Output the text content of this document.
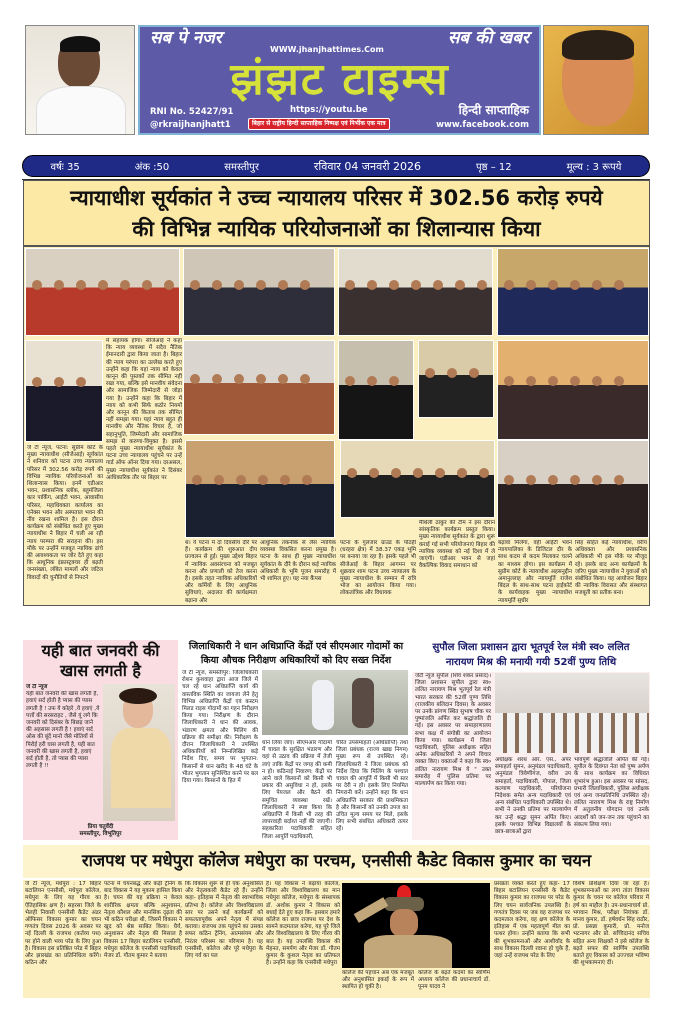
सब पे नजर	सब की खबर
WWW.jhanjhattimes.Com
झंझट टाइम्स
RNI No. 52427/91
@rkraijhanjhatt1
https://youtu.be
बिहार से राष्ट्रीय हिन्दी साप्ताहिक निष्पक्ष एवं निर्भीक एक मात्र
हिन्दी साप्ताहिक
www.facebook.com
वर्षः 35	अंक :50	समस्तीपुर	रविवार 04 जनवरी 2026	पृष्ठ – 12	मूल्य : 3 रूपये
न्यायाधीश सूर्यकांत ने उच्च न्यायालय परिसर में 302.56 करोड़ रुपये
की विभिन्न न्यायिक परियोजनाओं का शिलान्यास किया
जे टी न्यूज, पटना: सुप्रीम कोर्ट के मुख्य न्यायाधीश (सीजेआई) सूर्यकांत ने शनिवार को पटना उच्च न्यायालय परिसर में 302.56 करोड़ रुपये की विभिन्न न्यायिक परियोजनाओं का शिलान्यास किया। इनमें एडीआर भवन, प्रशासनिक ब्लॉक, बहुमंजिला कार पार्किंग, आईटी भवन, आवासीय परिसर, महाधिवक्ता कार्यालय का एनेक्स भवन और अस्पताल भवन की नींव रखना शामिल है। इस दौरान कार्यक्रम को संबोधित करते हुए मुख्य न्यायाधीश ने बिहार में चली आ रही न्याय परम्परा की सराहना की। इस मौके पर उन्होंने मजबूत न्यायिक ढांचे की आवश्यकता पर जोर देते हुए कहा कि आधुनिक इंफ्रास्ट्रक्चर ही बढ़ती जनसंख्या, लंबित मामलों और जटिल विवादों की चुनौतियों से निपटने
में सहायक होगा। सीजेआई ने कहा कि न्याय व्यवस्था में सदैव नैतिक ईमानदारी द्वारा किया जाता है। बिहार की न्याय परंपरा का उल्लेख करते हुए उन्होंने कहा कि यहां न्याय को केवल कानून की पुस्तकों तक सीमित नहीं रखा गया, बल्कि इसे मानवीय संवेदना और सामाजिक जिम्मेदारी से जोड़ा गया है। उन्होंने कहा कि बिहार में न्याय को कभी सिर्फ कठोर नियमों और कानून की किताब तक सीमित नहीं समझा गया। यहां न्याय बहुत ही मानवीय और नैतिक विचार है, जो सहानुभूति, जिम्मेदारी और सामाजिक समझ से करुणा-विमुक्त है। इससे पहले मुख्य न्यायाधीश सूर्यकांत के पटना उच्च न्यायालय पहुंचने पर उन्हें गार्ड ऑफ ऑनर दिया गया। दरअसल, मुख्य न्यायाधीश सूर्यकांत ने दिसंबर आधिकारिक तौर पर बिहार पर
थे। ये पटना में दो दिवसीय दौरे पर हैं। कार्यक्रम की शुरुआत दीप प्रज्वलन से हुई। मुख्य उद्देश्य बिहार में न्यायिक अवसंरचना को मजबूत करना और प्रणाली को तेज करना है। इसके तहत न्यायिक अधिकारियों और कर्मियों के लिए आधुनिक सुविधाएं, अदालत की कार्यक्षमता बढ़ाना और
आधुनिक तकनीक से लैस न्यायिक व्यवस्था विकसित करना प्रमुख है। पटना के साथ ही मुख्य न्यायाधीश सूर्यकांत के दौरे के दौरान कई न्यायिक अधिकारी के भूमि पूजन समारोह में भी शामिल हुए। यह नया कैंपस
पटना के गुलजार ग्राउंड के पोठही (धरहरा क्षेत्र) में 38.37 एकड़ भूमि पर बनाया जा रहा है। इसके पहले भी सीजेआई के बिहार आगमन पर शुक्रवार शाम पटना उच्च न्यायालय के मुख्य न्यायाधीश के सम्मान में रात्रि भोज का आयोजन किया गया। लोकतांत्रिक और विधायक
मैथिली ठाकुर की टीम ने इस दौरान सांस्कृतिक कार्यक्रम प्रस्तुत किया। मुख्य न्यायाधीश सूर्यकांत के द्वारा शुरू कराई गई सभी परियोजनाएं बिहार की न्यायिक व्यवस्था को नई दिशा में ले जाएंगी। एडीआर भवन से जहां वैकल्पिक विवाद समाधान को
बढ़ावा मिलेगा, वहीं आईटी भवन न्यायपालिका के डिजिटल दौर के साथ कदम से कदम मिलाकर चलने का माध्यम होगा। इस कार्यक्रम में सुप्रीम कोर्ट के न्यायाधीश अहसनुद्दीन अमानुल्लाह और न्यायमूर्ति राजेश बिंदल के साथ-साथ पटना हाईकोर्ट के कार्यवाहक मुख्य न्यायाधीश न्यायमूर्ति सुधीर
सिंह सहित कई न्यायाधीश, वरीय अधिवक्ता और प्रशासनिक अधिकारी भी इस मौके पर मौजूद रहे। इसके बाद अन्य कार्यक्रमों के जरिए मुख्य न्यायाधीश ने युवाओं को संबोधित किया। यह आयोजन बिहार की न्यायिक विरासत और संस्थागत मजबूती का प्रतीक बना।
यही बात जनवरी की खास लगती है
जे टी न्यूज
यही बात जनवरी की खास लगती है, हवाएं सर्द होती है प्यास की प्यास लगती है ! उफ ये कोहरे ,ये हवाएं ,ये पत्तों की सरसराहट , जैसे यूं लगे कि जनवरी को दिसंबर के बिछड़ जाने की अहसास लगती है ! हवाएं सर्द ओस की बूंदें मानो जैसे मोतियों से पिरोई हरी घास लगती है, यही बात जनवरी की खास लगती है, हवाएं सर्द होती है, तो प्यास की प्यास लगती है !!
प्रिया चतुर्वेदी
समस्तीपुर, विभूतिपुर
जिलाधिकारी ने धान अधिप्राप्ति केंद्रों एवं सीएमआर गोदामों का
किया औचक निरीक्षण अधिकारियों को दिए सख्त निर्देश
जे टी न्यूज, समस्तीपुर: जिलाधिकारी रोशन कुशवाहा द्वारा आज जिले में चल रहे धान अधिप्राप्ति कार्य की वास्तविक स्थिति का जायजा लेने हेतु विभिन्न अधिप्राप्ति केंद्रों एवं कस्टम मिलड राइस गोदामों का गहन निरीक्षण किया गया। निरीक्षण के दौरान जिलाधिकारी ने धान की आवक, भंडारण क्षमता और मिलिंग की प्रक्रिया की समीक्षा की। निरीक्षण के दौरान जिलाधिकारी ने उपस्थित अधिकारियों को निम्नलिखित कड़े निर्देश दिए, समय पर भुगतान: किसानों से धान खरीद के 48 घंटे के भीतर भुगतान सुनिश्चित करने पर बल दिया गया। किसानों के हित में
धान लिया जाए। सीएमआर गोदामों में चावल के सुरक्षित भंडारण और वहां से उठाव की प्रक्रिया में तेजी लाएं ताकि केंद्रों पर जगह की कमी न हो। कठिनाई निवारण: केंद्रों पर आने वाले किसानों को किसी भी प्रकार की असुविधा न हो, इसके लिए पेयजल और बैठने की समुचित व्यवस्था रखें। जिलाधिकारी ने स्पष्ट किया कि अधिप्राप्ति में किसी भी तरह की लापरवाही बर्दाश्त नहीं की जाएगी। सहकारिता पदाधिकारी सहित जिला आपूर्ति पदाधिकारी,
चरित उपसमाहर्ता (अधिप्राप्ति) तथा जिला प्रबंधक (राज्य खाद्य निगम) मुख्य रूप से उपस्थित रहे। जिलाधिकारी ने जिला प्रबंधक को निर्देश दिया कि मिलिंग के पश्चात चावल की आपूर्ति में किसी भी स्तर पर देरी न हो। इसके लिए नियमित निगरानी करें। उन्होंने कहा कि धान अधिप्राप्ति सरकार की प्राथमिकता है और किसानों को उनकी उपज का उचित मूल्य समय पर मिले, इसके लिए सभी संबंधित अधिकारी तत्पर रहें।
सुपौल जिला प्रशासन द्वारा भूतपूर्व रेल मंत्री स्व० ललित
नारायण मिश्र की मनायी गयी 52वीं पुण्य तिथि
जेटी न्यूज सुपौल (शिव शंकर प्रसाद)। जिला प्रशासन सुपौल द्वारा स्व० ललित नारायण मिश्र भूतपूर्व रेल मंत्री भारत सरकार की 52वीं पुण्य तिथि (राजकीय बलिदान दिवस) के अवसर पर उनके प्रांगण स्थित सुभाष चौक पर पुष्पांजलि अर्पित कर श्रद्धांजलि दी गई। इस अवसर पर समाहरणालय सभा कक्ष में संगोष्ठी का आयोजन किया गया। कार्यक्रम में जिला पदाधिकारी, पुलिस अधीक्षक सहित अनेक अधिकारियों ने अपने विचार व्यक्त किए। वक्ताओं ने कहा कि स्व० ललित नारायण मिश्र ये " उक्त समारोह में पुलिस प्रतिमा पर माल्यार्पण कर किया गया।
अधीक्षक शरथ आर. एस., अपर समाहर्ता सुमन, अनुमंडल पदाधिकारी, अनुमंडल त्रिवेणीगंज, वरीय उप समाहर्ता, पदाधिकारी, गोपाल, जिला कल्याण पदाधिकारी, परियोजना निदेशक समेत अन्य पदाधिकारी एवं अन्य संबंधित पदाधिकारी उपस्थित थे। सभी ने उनकी प्रतिमा पर माल्यार्पण कर उन्हें श्रद्धा सुमन अर्पित किए। इसके पश्चात विभिन्न विद्यालयों के छात्र-छात्राओं द्वारा
भावपूर्ण श्रद्धांजलि अर्पित की गई। सुपौल के दिवंगत नेता को पुष्प अर्पण के साथ कार्यक्रम का विधिवत शुभारंभ हुआ। इस अवसर पर सांसद, प्रभारी जिलाधिकारी, पुलिस अधीक्षक एवं अन्य जनप्रतिनिधि उपस्थित रहे। ललित नारायण मिश्र के राष्ट्र निर्माण में अतुलनीय योगदान एवं उनके आदर्शों को जन-जन तक पहुंचाने का संकल्प लिया गया।
राजपथ पर मधेपुरा कॉलेज मधेपुरा का परचम, एनसीसी कैडेट विकास कुमार का चयन
जे टी न्यूज, मधेपुरा : 17 बिहार बटालियन एनसीसी, मधेपुरा कॉलेज, मधेपुरा के लिए यह गौरव का ऐतिहासिक क्षण है। सहरसा जिले के भेलही निवासी एनसीसी कैडेट अंडर ऑफिसर विकास कुमार का चयन गणतंत्र दिवस 2026 के अवसर पर नई दिल्ली के राजपथ (कर्तव्य पथ) पर होने वाली भव्य परेड के लिए हुआ है। विकास इस प्रतिष्ठित परेड में बिहार और झारखंड का प्रतिनिधित्व करेंगे। कठिन और
पटना में चयनबद्ध और कड़ी ट्रेनिंग के बाद विकास ने यह मुकाम हासिल किया है। चयन की यह प्रक्रिया न केवल शारीरिक क्षमता बल्कि अनुशासन, नेतृत्व कौशल और मानसिक दृढ़ता की भी कठिन परीक्षा थी, जिसमें विकास ने खुद को श्रेष्ठ साबित किया। धैर्य, अनुशासन और नेतृत्व की मिसाल है विकास 17 बिहार बटालियन एनसीसी, मधेपुरा कॉलेज के एनसीसी पदाधिकारी मेजर डॉ. गौतम कुमार ने बताया
कि विकास शुरू से ही एक अनुशासित और नेतृत्वकारी कैडेट रहे हैं। उन्होंने कहा- इतिहास में नेतृत्व की स्वाभाविक प्रतिभा है। कॉलेज और विश्वविद्यालय स्तर पर उसने कई कार्यक्रमों को सफलतापूर्वक अपने नेतृत्व में संपन्न कराया। राजपथ तक पहुंचने का उसका सफर कठिन ट्रेनिंग, आत्मसंयम और निरंतर परिश्रम का परिणाम है। यह एनसीसी, कॉलेज और पूरे मधेपुरा के लिए गर्व का पल
है। यह विकास ने बढ़ाया कॉलेज, जिला और विश्वविद्यालय का मान मधेपुरा कॉलेज, मधेपुरा के संस्थापक डॉ. अशोक कुमार ने विकास को बधाई देते हुए कहा कि- इसबार हमारे कॉलेज का छात्र राजपथ पर देश के सामने कदमताल करेगा, यह पूरे जिले और विश्वविद्यालय के लिए गौरव की बात है। यह उपलब्धि विकास की मेहनत, समर्पण और मेजर डॉ. गौतम कुमार के कुशल नेतृत्व का प्रतिफल है। उन्होंने कहा कि एनसीसी मधेपुरा
कॉलेज की पहचान अब एक मजबूत और अनुशासित इकाई के रूप में स्थापित हो चुकी है।
कॉलेज के बढ़ते कदमों का स्वर्णिम अध्याय कॉलेज की प्रधानाचार्य डॉ. पूनम यादव ने
प्रसन्नता व्यक्त करते हुए कहा- 17 बिहार बटालियन एनसीसी के कैडेट विकास कुमार का राजपथ पर परेड के लिए चयन सार्वजनिक उपलब्धि है। गणतंत्र दिवस पर जब वह राजपथ पर कदमताल करेगा, वह क्षण कॉलेज के इतिहास में एक महत्वपूर्ण मील का पत्थर होगा। उन्होंने बताया कि सभी की शुभकामनाओं और आशीर्वाद के साथ विकास दिल्ली रवाना हो चुके हैं, जहां उन्हें राजपथ परेड के लिए
विशेष प्रशिक्षण दिया जा रहा है। शुभकामनाओं का लगा तांता विकास कुमार के चयन पर कॉलेज परिवार में हर्ष का माहौल है। उप-प्रधानाचार्य प्रो. भगवान मिश्र, परीक्षा नियंत्रक डॉ. मानव कुमार, डॉ. हर्षवर्धन सिंह राठौर, प्रो. प्रसन्ना कुमारी, प्रो. मनोज भटनागर और प्रो. सच्चिदानंद सचिव सहित अन्य शिक्षकों ने इसे कॉलेज के बढ़ते सफर की स्वर्णिम उपलब्धि बताते हुए विकास को उज्ज्वल भविष्य की शुभकामनाएं दीं।
